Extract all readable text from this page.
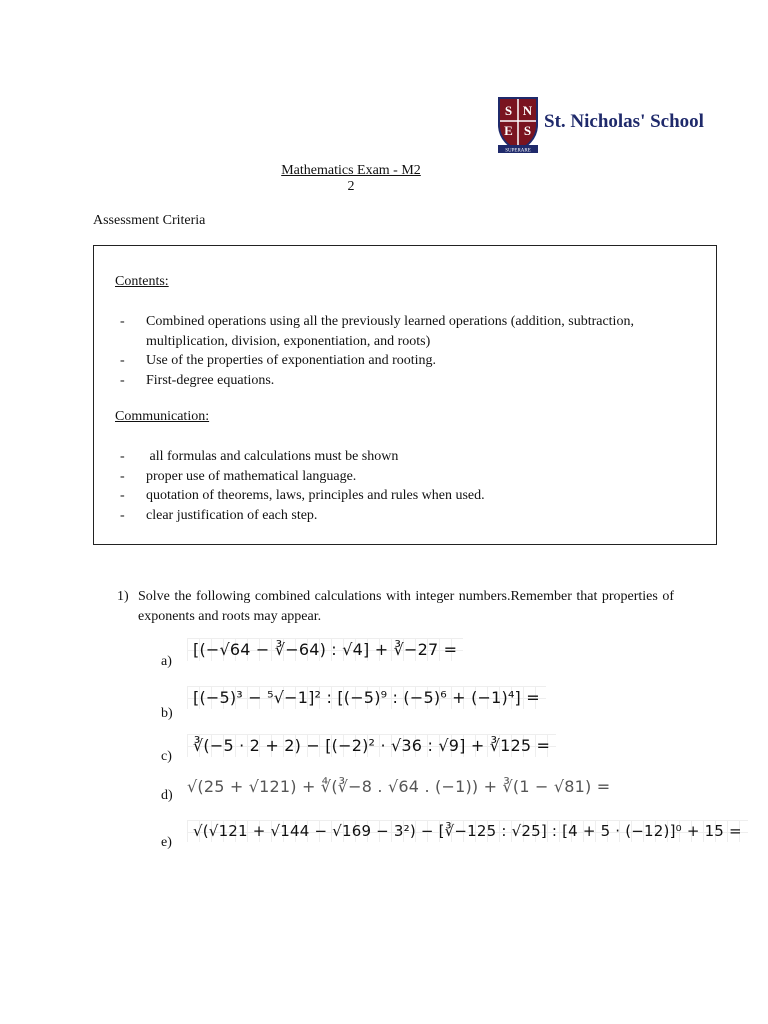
S N
E S
SUPERARE
St. Nicholas' School
Mathematics Exam - M2
2
Assessment Criteria
Contents:
- Combined operations using all the previously learned operations (addition, subtraction, multiplication, division, exponentiation, and roots)
- Use of the properties of exponentiation and rooting.
- First-degree equations.
Communication:
-  all formulas and calculations must be shown
- proper use of mathematical language.
- quotation of theorems, laws, principles and rules when used.
- clear justification of each step.
1) Solve the following combined calculations with integer numbers.Remember that properties of exponents and roots may appear.
a)
[(−√64 − ∛−64) : √4] + ∛−27 =
b)
[(−5)³ − ⁵√−1]² : [(−5)⁹ : (−5)⁶ + (−1)⁴] =
c)
∛(−5 · 2 + 2) − [(−2)² · √36 : √9] + ∛125 =
d) √(25 + √121) + ∜(∛−8 . √64 . (−1)) + ∛(1 − √81) =
e)
√(√121 + √144 − √169 − 3²) − [∛−125 : √25] : [4 + 5 · (−12)]⁰ + 15 =
